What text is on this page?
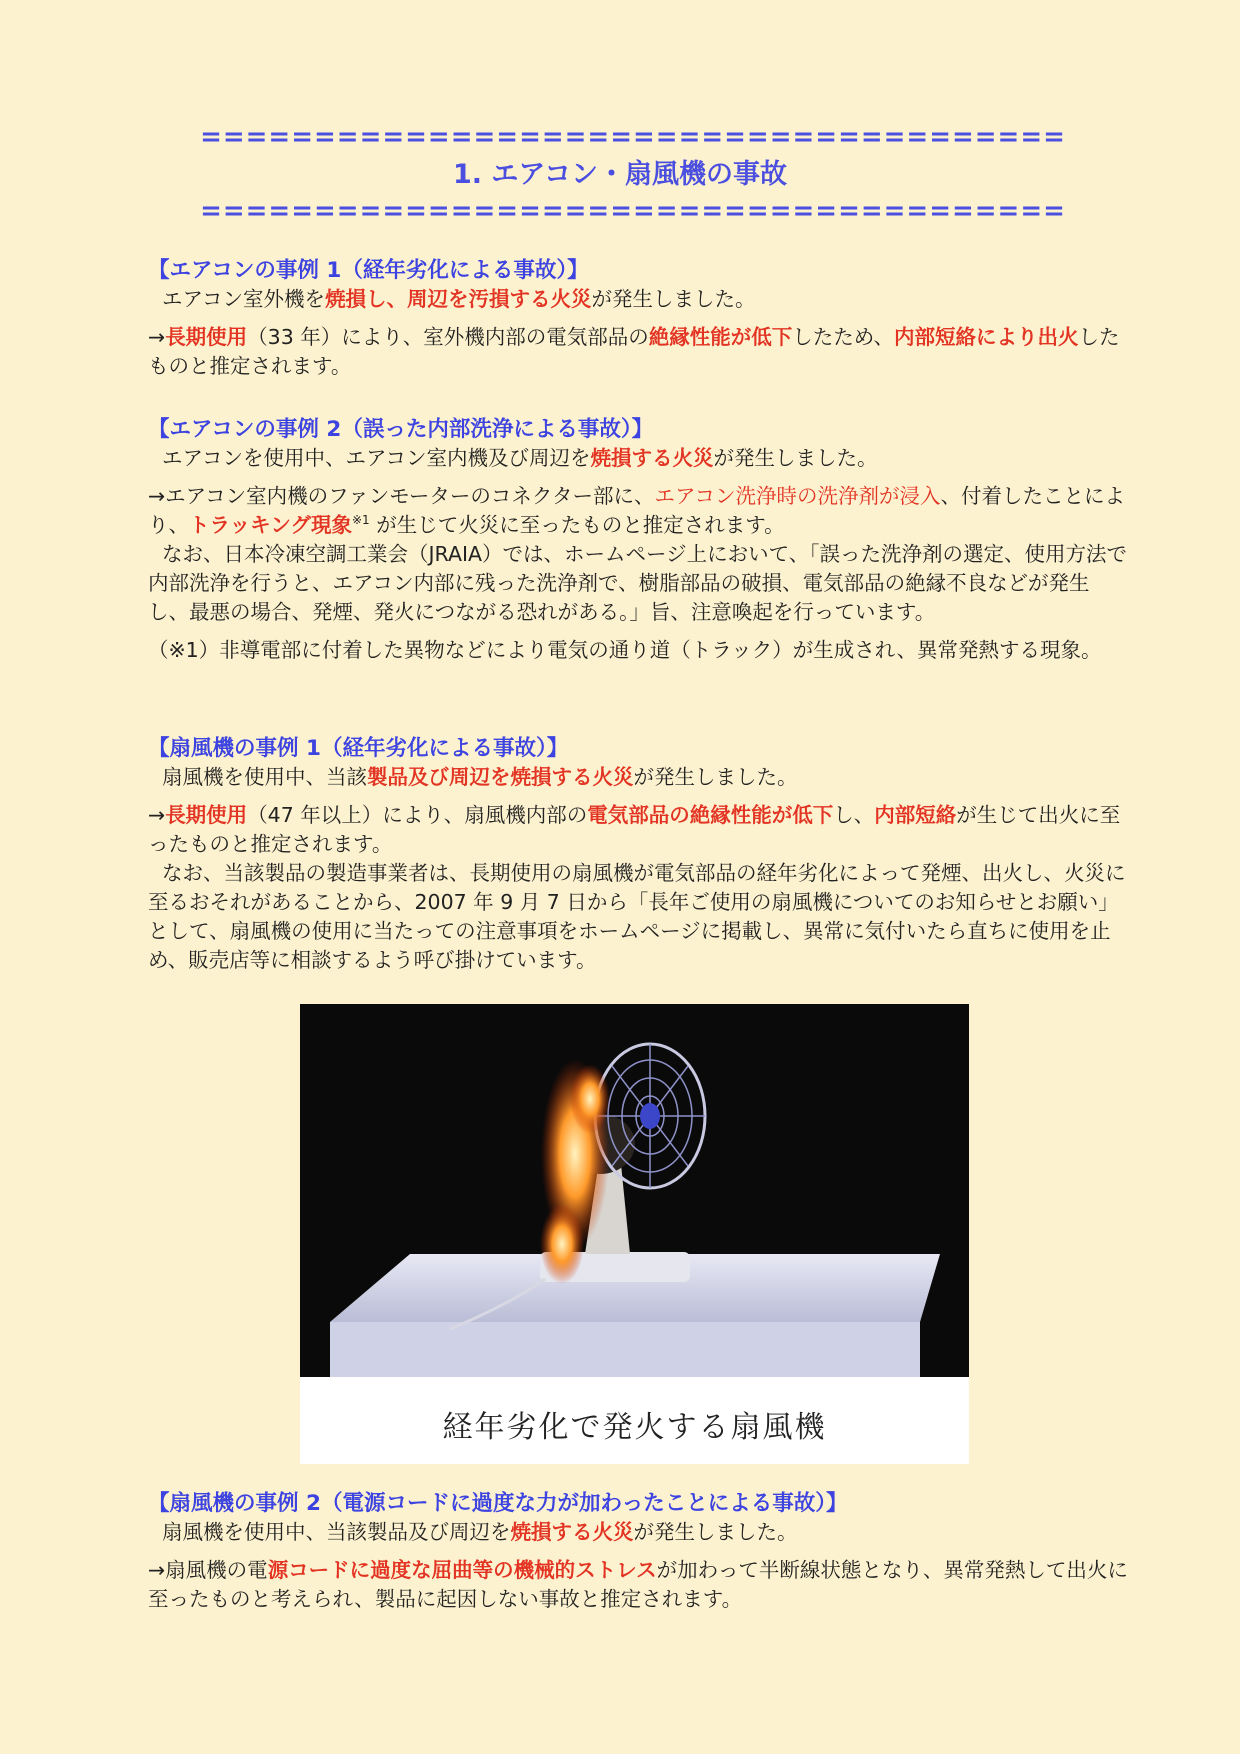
======================================
1. エアコン・扇風機の事故
======================================
【エアコンの事例 1（経年劣化による事故）】
エアコン室外機を焼損し、周辺を汚損する火災が発生しました。
→長期使用（33 年）により、室外機内部の電気部品の絶縁性能が低下したため、内部短絡により出火したものと推定されます。
【エアコンの事例 2（誤った内部洗浄による事故）】
エアコンを使用中、エアコン室内機及び周辺を焼損する火災が発生しました。
→エアコン室内機のファンモーターのコネクター部に、エアコン洗浄時の洗浄剤が浸入、付着したことにより、トラッキング現象$^{※1}$ が生じて火災に至ったものと推定されます。
なお、日本冷凍空調工業会（JRAIA）では、ホームページ上において、「誤った洗浄剤の選定、使用方法で内部洗浄を行うと、エアコン内部に残った洗浄剤で、樹脂部品の破損、電気部品の絶縁不良などが発生し、最悪の場合、発煙、発火につながる恐れがある。」旨、注意喚起を行っています。
（※1）非導電部に付着した異物などにより電気の通り道（トラック）が生成され、異常発熱する現象。
【扇風機の事例 1（経年劣化による事故）】
扇風機を使用中、当該製品及び周辺を焼損する火災が発生しました。
→長期使用（47 年以上）により、扇風機内部の電気部品の絶縁性能が低下し、内部短絡が生じて出火に至ったものと推定されます。
なお、当該製品の製造事業者は、長期使用の扇風機が電気部品の経年劣化によって発煙、出火し、火災に至るおそれがあることから、2007 年 9 月 7 日から「長年ご使用の扇風機についてのお知らせとお願い」として、扇風機の使用に当たっての注意事項をホームページに掲載し、異常に気付いたら直ちに使用を止め、販売店等に相談するよう呼び掛けています。
経年劣化で発火する扇風機
【扇風機の事例 2（電源コードに過度な力が加わったことによる事故）】
扇風機を使用中、当該製品及び周辺を焼損する火災が発生しました。
→扇風機の電源コードに過度な屈曲等の機械的ストレスが加わって半断線状態となり、異常発熱して出火に至ったものと考えられ、製品に起因しない事故と推定されます。
